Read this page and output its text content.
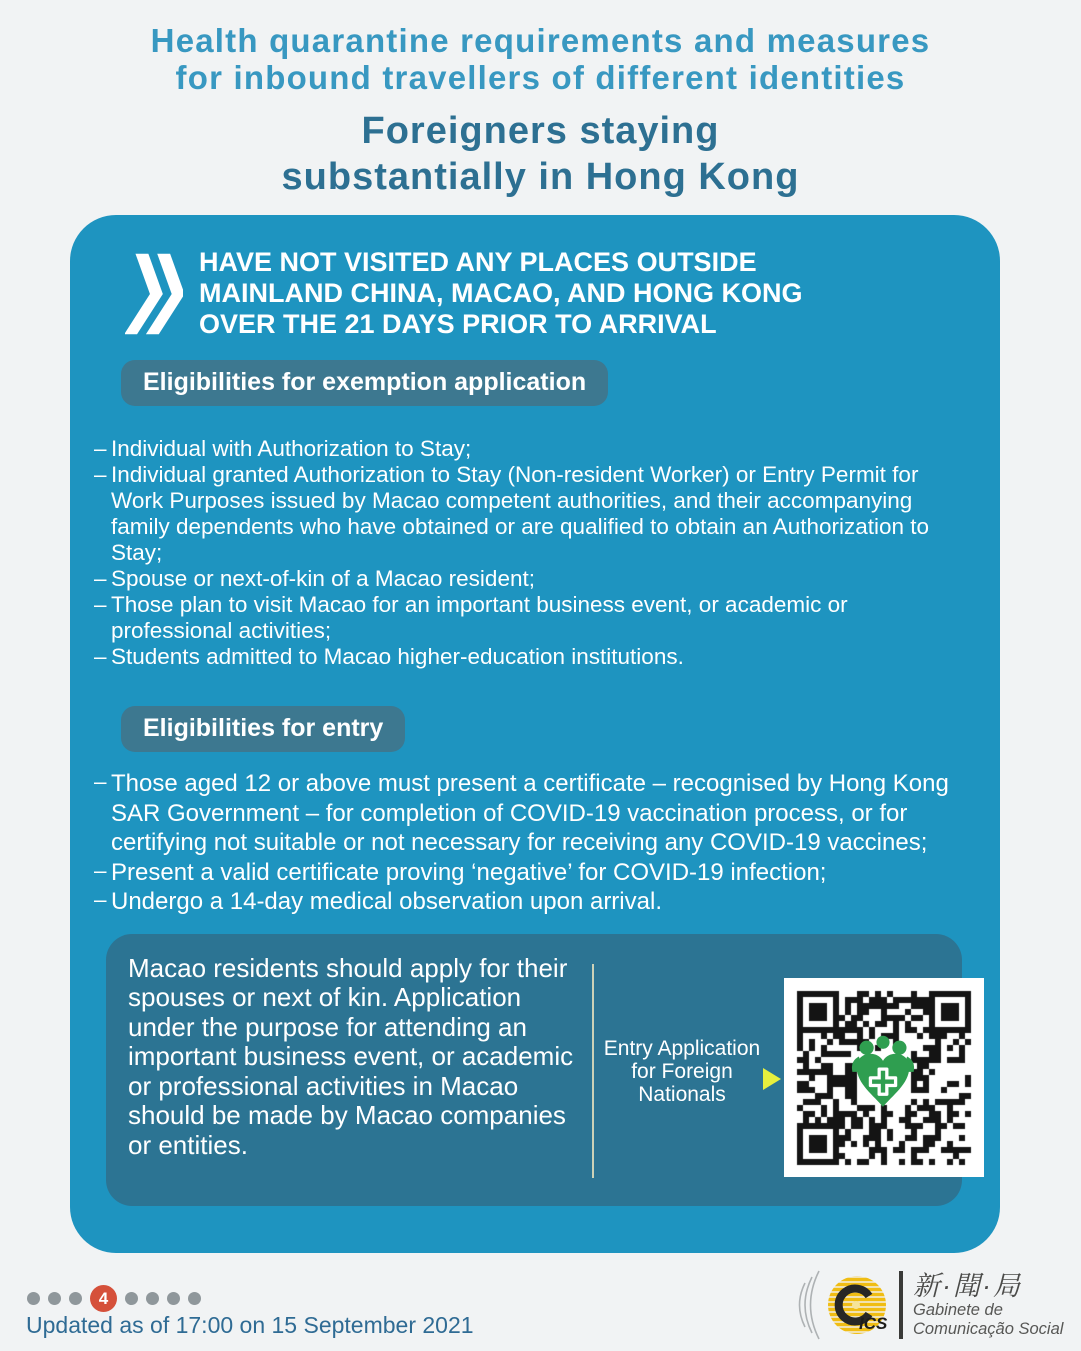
Health quarantine requirements and measures
for inbound travellers of different identities
Foreigners staying
substantially in Hong Kong
HAVE NOT VISITED ANY PLACES OUTSIDE
MAINLAND CHINA, MACAO, AND HONG KONG
OVER THE 21 DAYS PRIOR TO ARRIVAL
Eligibilities for exemption application
– Individual with Authorization to Stay;
– Individual granted Authorization to Stay (Non-resident Worker) or Entry Permit for Work Purposes issued by Macao competent authorities, and their accompanying family dependents who have obtained or are qualified to obtain an Authorization to Stay;
– Spouse or next-of-kin of a Macao resident;
– Those plan to visit Macao for an important business event, or academic or professional activities;
– Students admitted to Macao higher-education institutions.
Eligibilities for entry
– Those aged 12 or above must present a certificate – recognised by Hong Kong SAR Government – for completion of COVID-19 vaccination process, or for certifying not suitable or not necessary for receiving any COVID-19 vaccines;
– Present a valid certificate proving ‘negative’ for COVID-19 infection;
– Undergo a 14-day medical observation upon arrival.
Macao residents should apply for their spouses or next of kin. Application under the purpose for attending an important business event, or academic or professional activities in Macao should be made by Macao companies or entities.
Entry Application
for Foreign
Nationals
4
Updated as of 17:00 on 15 September 2021	ICS
新·聞·局
Gabinete de
Comunicação Social
